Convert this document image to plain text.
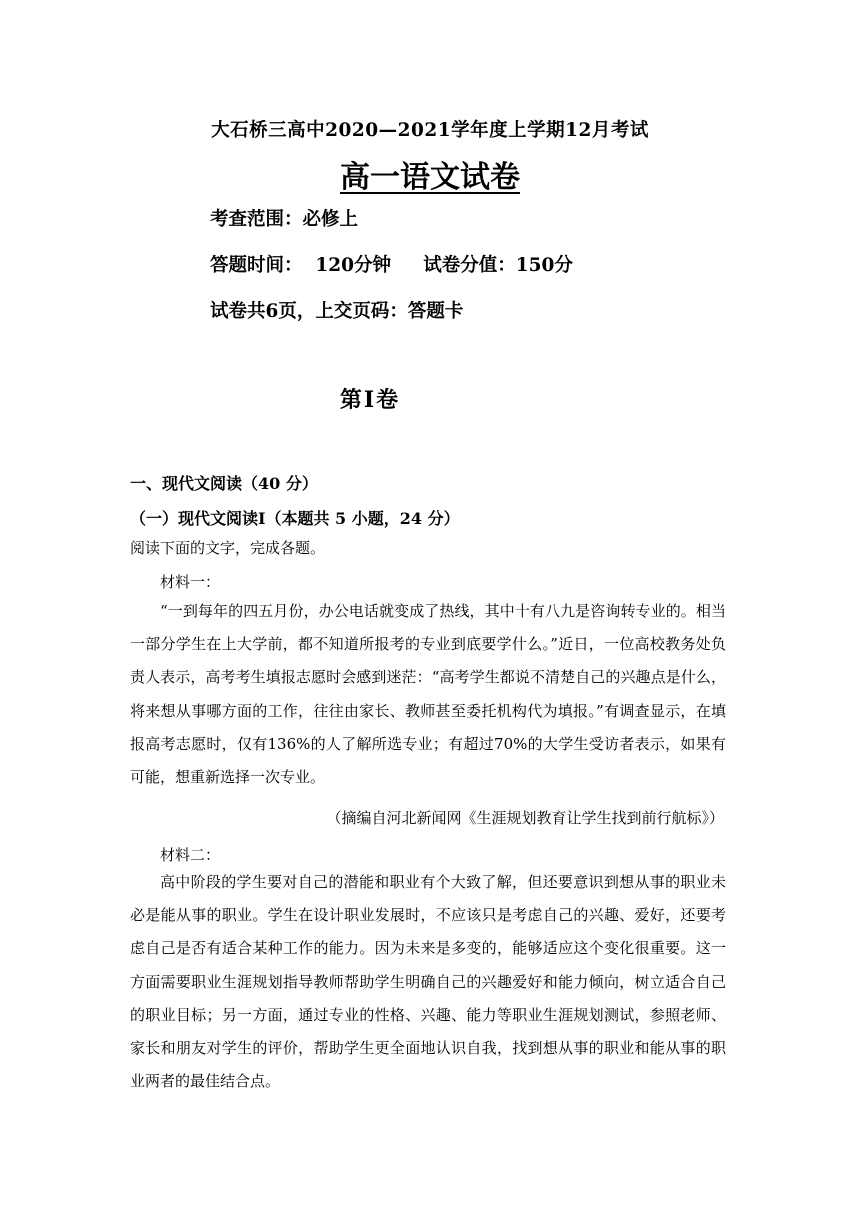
大石桥三高中2020—2021学年度上学期12月考试
高一语文试卷
考查范围：必修上
答题时间：  120分钟     试卷分值：150分
试卷共6页，上交页码：答题卡
第Ⅰ卷
一、现代文阅读（40 分）
（一）现代文阅读Ⅰ（本题共 5 小题，24 分）
阅读下面的文字，完成各题。
材料一：
“一到每年的四五月份，办公电话就变成了热线，其中十有八九是咨询转专业的。相当一部分学生在上大学前，都不知道所报考的专业到底要学什么。”近日，一位高校教务处负责人表示，高考考生填报志愿时会感到迷茫：“高考学生都说不清楚自己的兴趣点是什么，将来想从事哪方面的工作，往往由家长、教师甚至委托机构代为填报。”有调查显示，在填报高考志愿时，仅有136%的人了解所选专业；有超过70%的大学生受访者表示，如果有可能，想重新选择一次专业。
（摘编自河北新闻网《生涯规划教育让学生找到前行航标》）
材料二：
高中阶段的学生要对自己的潜能和职业有个大致了解，但还要意识到想从事的职业未必是能从事的职业。学生在设计职业发展时，不应该只是考虑自己的兴趣、爱好，还要考虑自己是否有适合某种工作的能力。因为未来是多变的，能够适应这个变化很重要。这一方面需要职业生涯规划指导教师帮助学生明确自己的兴趣爱好和能力倾向，树立适合自己的职业目标；另一方面，通过专业的性格、兴趣、能力等职业生涯规划测试，参照老师、家长和朋友对学生的评价，帮助学生更全面地认识自我，找到想从事的职业和能从事的职业两者的最佳结合点。
